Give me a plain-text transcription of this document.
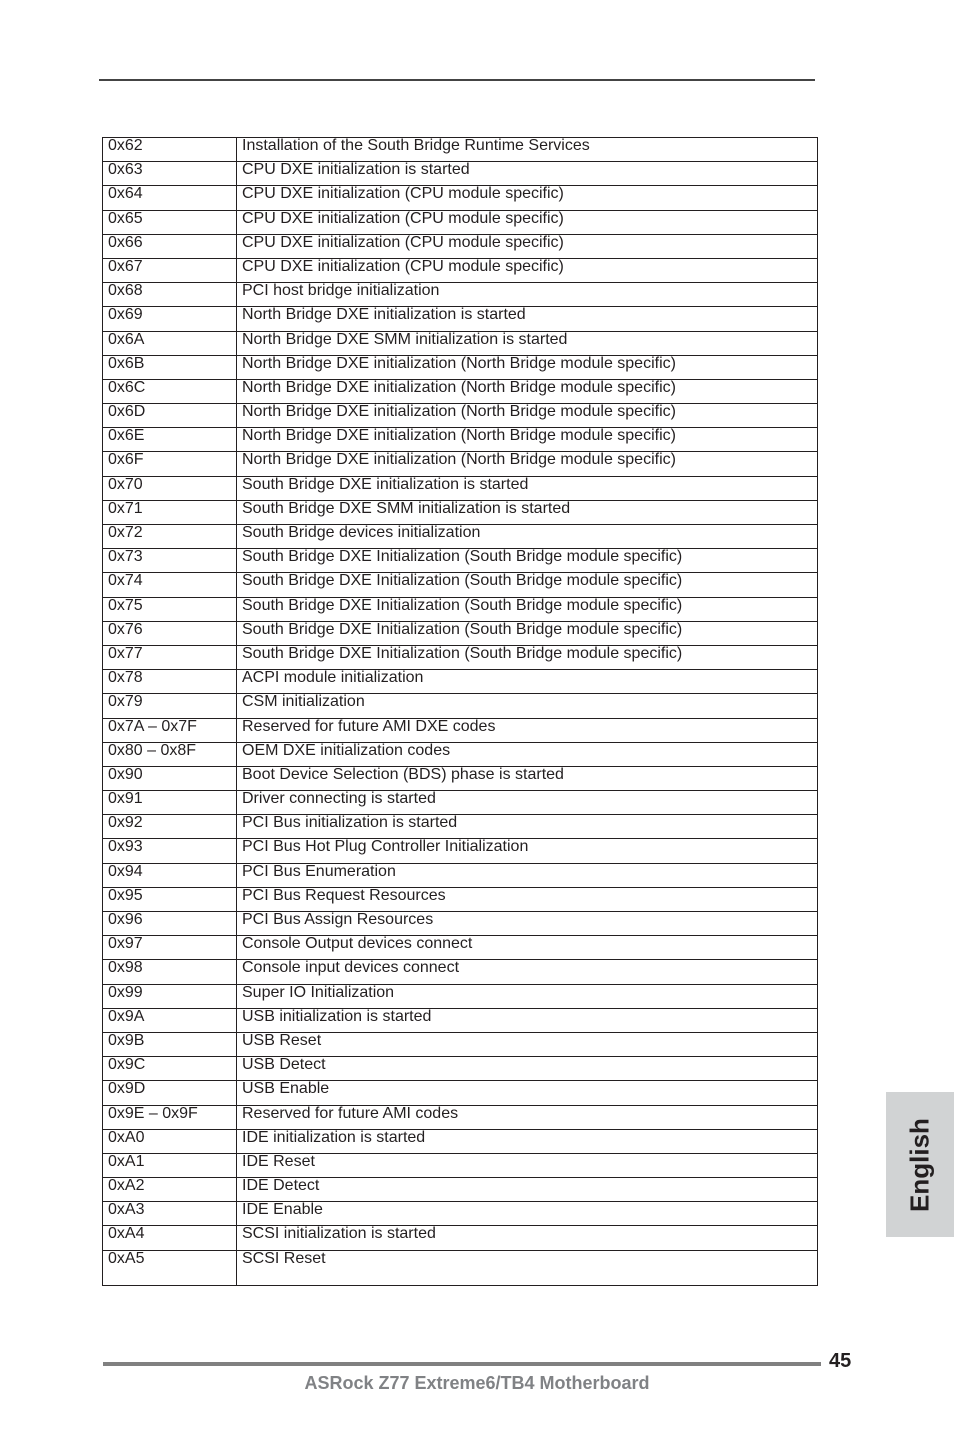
0x62	Installation of the South Bridge Runtime Services
0x63	CPU DXE initialization is started
0x64	CPU DXE initialization (CPU module specific)
0x65	CPU DXE initialization (CPU module specific)
0x66	CPU DXE initialization (CPU module specific)
0x67	CPU DXE initialization (CPU module specific)
0x68	PCI host bridge initialization
0x69	North Bridge DXE initialization is started
0x6A	North Bridge DXE SMM initialization is started
0x6B	North Bridge DXE initialization (North Bridge module specific)
0x6C	North Bridge DXE initialization (North Bridge module specific)
0x6D	North Bridge DXE initialization (North Bridge module specific)
0x6E	North Bridge DXE initialization (North Bridge module specific)
0x6F	North Bridge DXE initialization (North Bridge module specific)
0x70	South Bridge DXE initialization is started
0x71	South Bridge DXE SMM initialization is started
0x72	South Bridge devices initialization
0x73	South Bridge DXE Initialization (South Bridge module specific)
0x74	South Bridge DXE Initialization (South Bridge module specific)
0x75	South Bridge DXE Initialization (South Bridge module specific)
0x76	South Bridge DXE Initialization (South Bridge module specific)
0x77	South Bridge DXE Initialization (South Bridge module specific)
0x78	ACPI module initialization
0x79	CSM initialization
0x7A – 0x7F	Reserved for future AMI DXE codes
0x80 – 0x8F	OEM DXE initialization codes
0x90	Boot Device Selection (BDS) phase is started
0x91	Driver connecting is started
0x92	PCI Bus initialization is started
0x93	PCI Bus Hot Plug Controller Initialization
0x94	PCI Bus Enumeration
0x95	PCI Bus Request Resources
0x96	PCI Bus Assign Resources
0x97	Console Output devices connect
0x98	Console input devices connect
0x99	Super IO Initialization
0x9A	USB initialization is started
0x9B	USB Reset
0x9C	USB Detect
0x9D	USB Enable
0x9E – 0x9F	Reserved for future AMI codes
0xA0	IDE initialization is started
0xA1	IDE Reset
0xA2	IDE Detect
0xA3	IDE Enable
0xA4	SCSI initialization is started
0xA5	SCSI Reset
English
45
ASRock Z77 Extreme6/TB4 Motherboard
